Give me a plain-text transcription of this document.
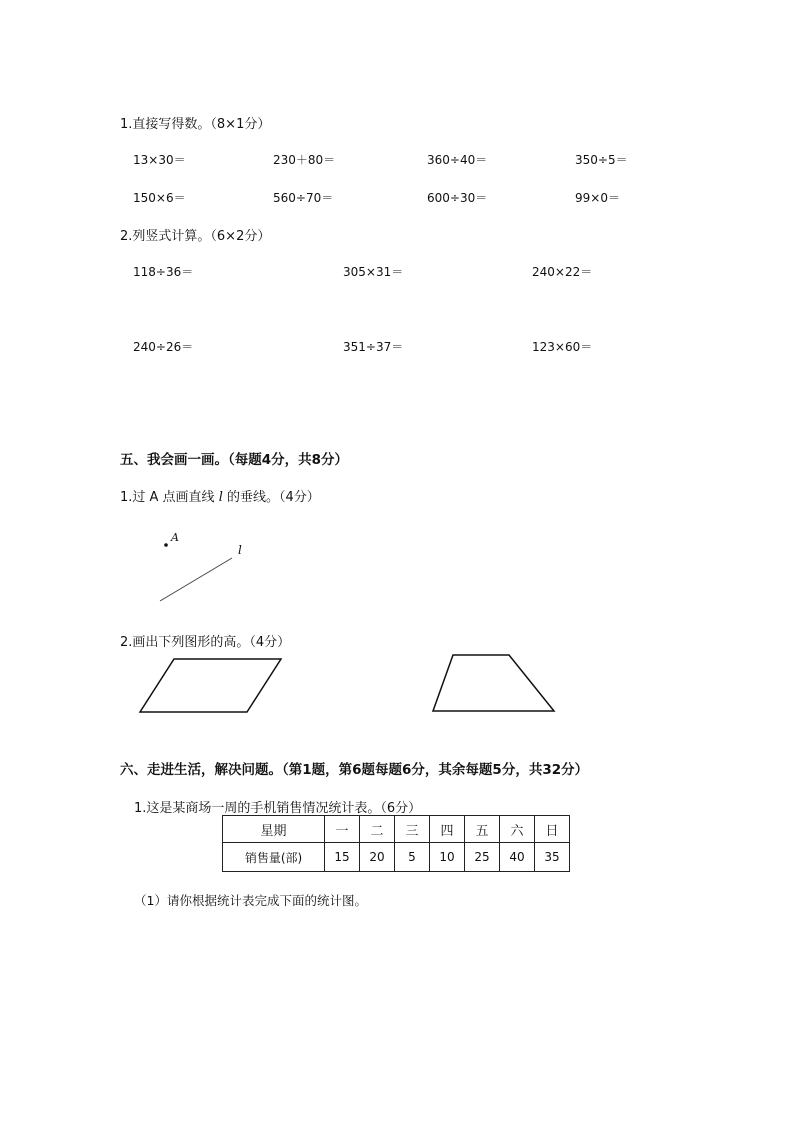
1.直接写得数。（8×1分）
13×30＝	230＋80＝	360÷40＝	350÷5＝
150×6＝	560÷70＝	600÷30＝	99×0＝
2.列竖式计算。（6×2分）
118÷36＝	305×31＝	240×22＝
240÷26＝	351÷37＝	123×60＝
五、我会画一画。（每题4分，共8分）
1.过 A 点画直线 l 的垂线。（4分）
A
l
2.画出下列图形的高。（4分）
六、走进生活，解决问题。（第1题，第6题每题6分，其余每题5分，共32分）
1.这是某商场一周的手机销售情况统计表。（6分）
星期	一	二	三	四	五	六	日
销售量(部)	15	20	5	10	25	40	35
（1）请你根据统计表完成下面的统计图。
